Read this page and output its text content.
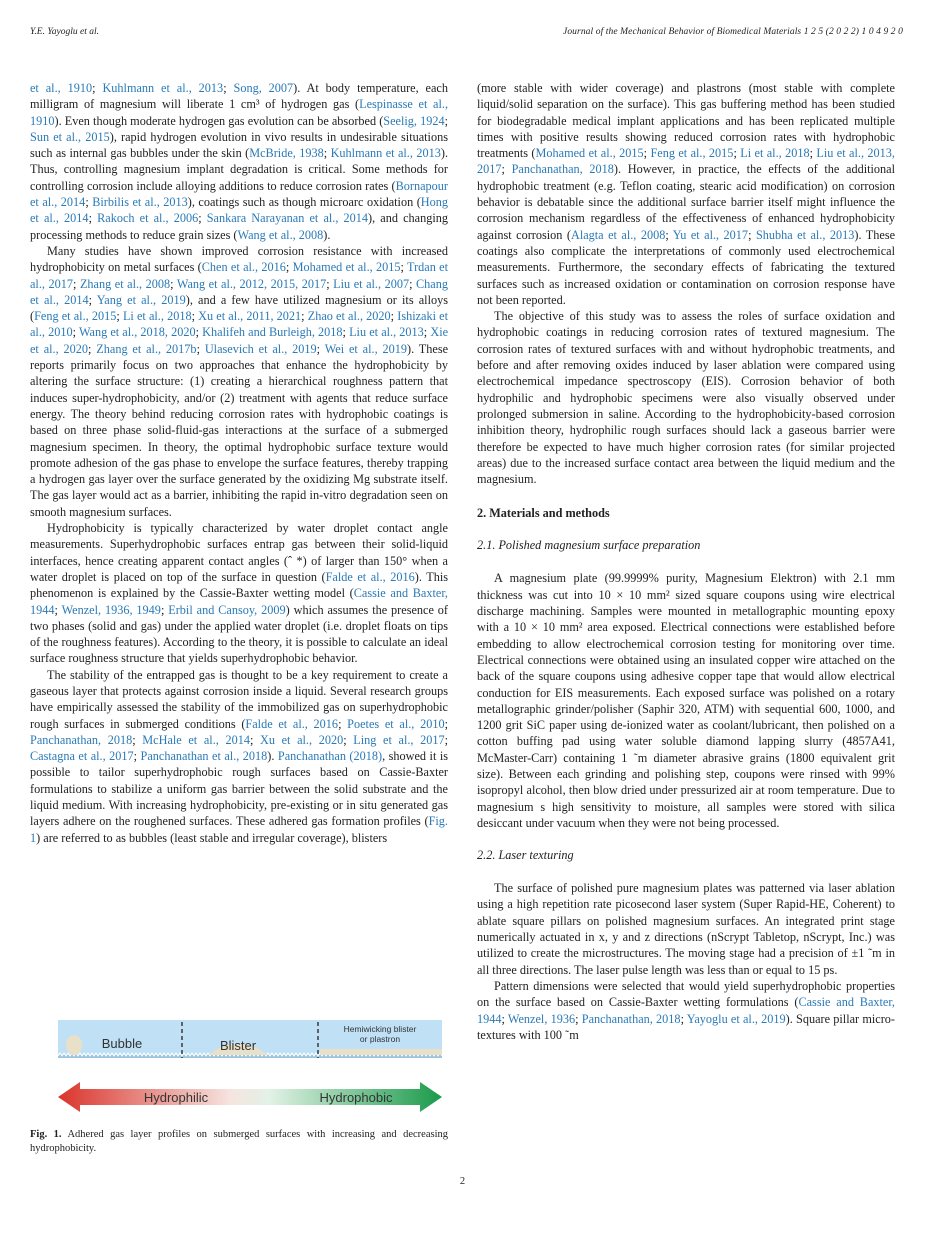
Y.E. Yayoglu et al.	Journal of the Mechanical Behavior of Biomedical Materials 1 2 5 (2 0 2 2) 1 0 4 9 2 0

et al., 1910; Kuhlmann et al., 2013; Song, 2007). At body temperature, each milligram of magnesium will liberate 1 cm³ of hydrogen gas (Lespinasse et al., 1910). Even though moderate hydrogen gas evolution can be absorbed (Seelig, 1924; Sun et al., 2015), rapid hydrogen evolution in vivo results in undesirable situations such as internal gas bubbles under the skin (McBride, 1938; Kuhlmann et al., 2013). Thus, controlling magnesium implant degradation is critical. Some methods for controlling corrosion include alloying additions to reduce corrosion rates (Bornapour et al., 2014; Birbilis et al., 2013), coatings such as though microarc oxidation (Hong et al., 2014; Rakoch et al., 2006; Sankara Narayanan et al., 2014), and changing processing methods to reduce grain sizes (Wang et al., 2008).

Many studies have shown improved corrosion resistance with increased hydrophobicity on metal surfaces (Chen et al., 2016; Mohamed et al., 2015; Trdan et al., 2017; Zhang et al., 2008; Wang et al., 2012, 2015, 2017; Liu et al., 2007; Chang et al., 2014; Yang et al., 2019), and a few have utilized magnesium or its alloys (Feng et al., 2015; Li et al., 2018; Xu et al., 2011, 2021; Zhao et al., 2020; Ishizaki et al., 2010; Wang et al., 2018, 2020; Khalifeh and Burleigh, 2018; Liu et al., 2013; Xie et al., 2020; Zhang et al., 2017b; Ulasevich et al., 2019; Wei et al., 2019). These reports primarily focus on two approaches that enhance the hydrophobicity by altering the surface structure: (1) creating a hierarchical roughness pattern that induces super-hydrophobicity, and/or (2) treatment with agents that reduce surface energy. The theory behind reducing corrosion rates with hydrophobic coatings is based on three phase solid-fluid-gas interactions at the surface of a submerged magnesium specimen. In theory, the optimal hydrophobic surface texture would promote adhesion of the gas phase to envelope the surface features, thereby trapping a hydrogen gas layer over the surface generated by the oxidizing Mg substrate itself. The gas layer would act as a barrier, inhibiting the rapid in-vitro degradation seen on smooth magnesium surfaces.

Hydrophobicity is typically characterized by water droplet contact angle measurements. Superhydrophobic surfaces entrap gas between their solid-liquid interfaces, hence creating apparent contact angles (ˆ *) of larger than 150° when a water droplet is placed on top of the surface in question (Falde et al., 2016). This phenomenon is explained by the Cassie-Baxter wetting model (Cassie and Baxter, 1944; Wenzel, 1936, 1949; Erbil and Cansoy, 2009) which assumes the presence of two phases (solid and gas) under the applied water droplet (i.e. droplet floats on tips of the roughness features). According to the theory, it is possible to calculate an ideal surface roughness structure that yields superhydrophobic behavior.

The stability of the entrapped gas is thought to be a key requirement to create a gaseous layer that protects against corrosion inside a liquid. Several research groups have empirically assessed the stability of the immobilized gas on superhydrophobic rough surfaces in submerged conditions (Falde et al., 2016; Poetes et al., 2010; Panchanathan, 2018; McHale et al., 2014; Xu et al., 2020; Ling et al., 2017; Castagna et al., 2017; Panchanathan et al., 2018). Panchanathan (2018), showed it is possible to tailor superhydrophobic rough surfaces based on Cassie-Baxter formulations to stabilize a uniform gas barrier between the solid substrate and the liquid medium. With increasing hydrophobicity, pre-existing or in situ generated gas layers adhere on the roughened surfaces. These adhered gas formation profiles (Fig. 1) are referred to as bubbles (least stable and irregular coverage), blisters

Bubble	Blister
Hemiwicking blister
or plastron
Hydrophilic	Hydrophobic
Fig. 1. Adhered gas layer profiles on submerged surfaces with increasing and decreasing hydrophobicity.

(more stable with wider coverage) and plastrons (most stable with complete liquid/solid separation on the surface). This gas buffering method has been studied for biodegradable medical implant applications and has been replicated multiple times with positive results showing reduced corrosion rates with hydrophobic treatments (Mohamed et al., 2015; Feng et al., 2015; Li et al., 2018; Liu et al., 2013, 2017; Panchanathan, 2018). However, in practice, the effects of the additional hydrophobic treatment (e.g. Teflon coating, stearic acid modification) on corrosion behavior is debatable since the additional surface barrier itself might influence the corrosion mechanism regardless of the effectiveness of enhanced hydrophobicity against corrosion (Alagta et al., 2008; Yu et al., 2017; Shubha et al., 2013). These coatings also complicate the interpretations of commonly used electrochemical measurements. Furthermore, the secondary effects of fabricating the textured surfaces such as increased oxidation or contamination on corrosion response have not been reported.

The objective of this study was to assess the roles of surface oxidation and hydrophobic coatings in reducing corrosion rates of textured magnesium. The corrosion rates of textured surfaces with and without hydrophobic treatments, and before and after removing oxides induced by laser ablation were compared using electrochemical impedance spectroscopy (EIS). Corrosion behavior of both hydrophilic and hydrophobic specimens were also visually observed under prolonged submersion in saline. According to the hydrophobicity-based corrosion inhibition theory, hydrophilic rough surfaces should lack a gaseous barrier were therefore be expected to have much higher corrosion rates (for similar projected areas) due to the increased surface contact area between the liquid medium and the magnesium.

2. Materials and methods
2.1. Polished magnesium surface preparation

A magnesium plate (99.9999% purity, Magnesium Elektron) with 2.1 mm thickness was cut into 10 × 10 mm² sized square coupons using wire electrical discharge machining. Samples were mounted in metallographic mounting epoxy with a 10 × 10 mm² area exposed. Electrical connections were established before embedding to allow electrochemical corrosion testing for monitoring over time. Electrical connections were obtained using an insulated copper wire attached on the back of the square coupons using adhesive copper tape that would allow electrical conduction for EIS measurements. Each exposed surface was polished on a rotary metallographic grinder/polisher (Saphir 320, ATM) with sequential 600, 1000, and 1200 grit SiC paper using de-ionized water as coolant/lubricant, then polished on a cotton buffing pad using water soluble diamond lapping slurry (4857A41, McMaster-Carr) containing 1 ˜m diameter abrasive grains (1800 equivalent grit size). Between each grinding and polishing step, coupons were rinsed with 99% isopropyl alcohol, then blow dried under pressurized air at room temperature. Due to magnesium s high sensitivity to moisture, all samples were stored with silica desiccant under vacuum when they were not being processed.

2.2. Laser texturing

The surface of polished pure magnesium plates was patterned via laser ablation using a high repetition rate picosecond laser system (Super Rapid-HE, Coherent) to ablate square pillars on polished magnesium surfaces. An integrated print stage numerically actuated in x, y and z directions (nScrypt Tabletop, nScrypt, Inc.) was utilized to create the microstructures. The moving stage had a precision of ±1 ˜m in all three directions. The laser pulse length was less than or equal to 15 ps.

Pattern dimensions were selected that would yield superhydrophobic properties on the surface based on Cassie-Baxter wetting formulations (Cassie and Baxter, 1944; Wenzel, 1936; Panchanathan, 2018; Yayoglu et al., 2019). Square pillar micro-textures with 100 ˜m

2
